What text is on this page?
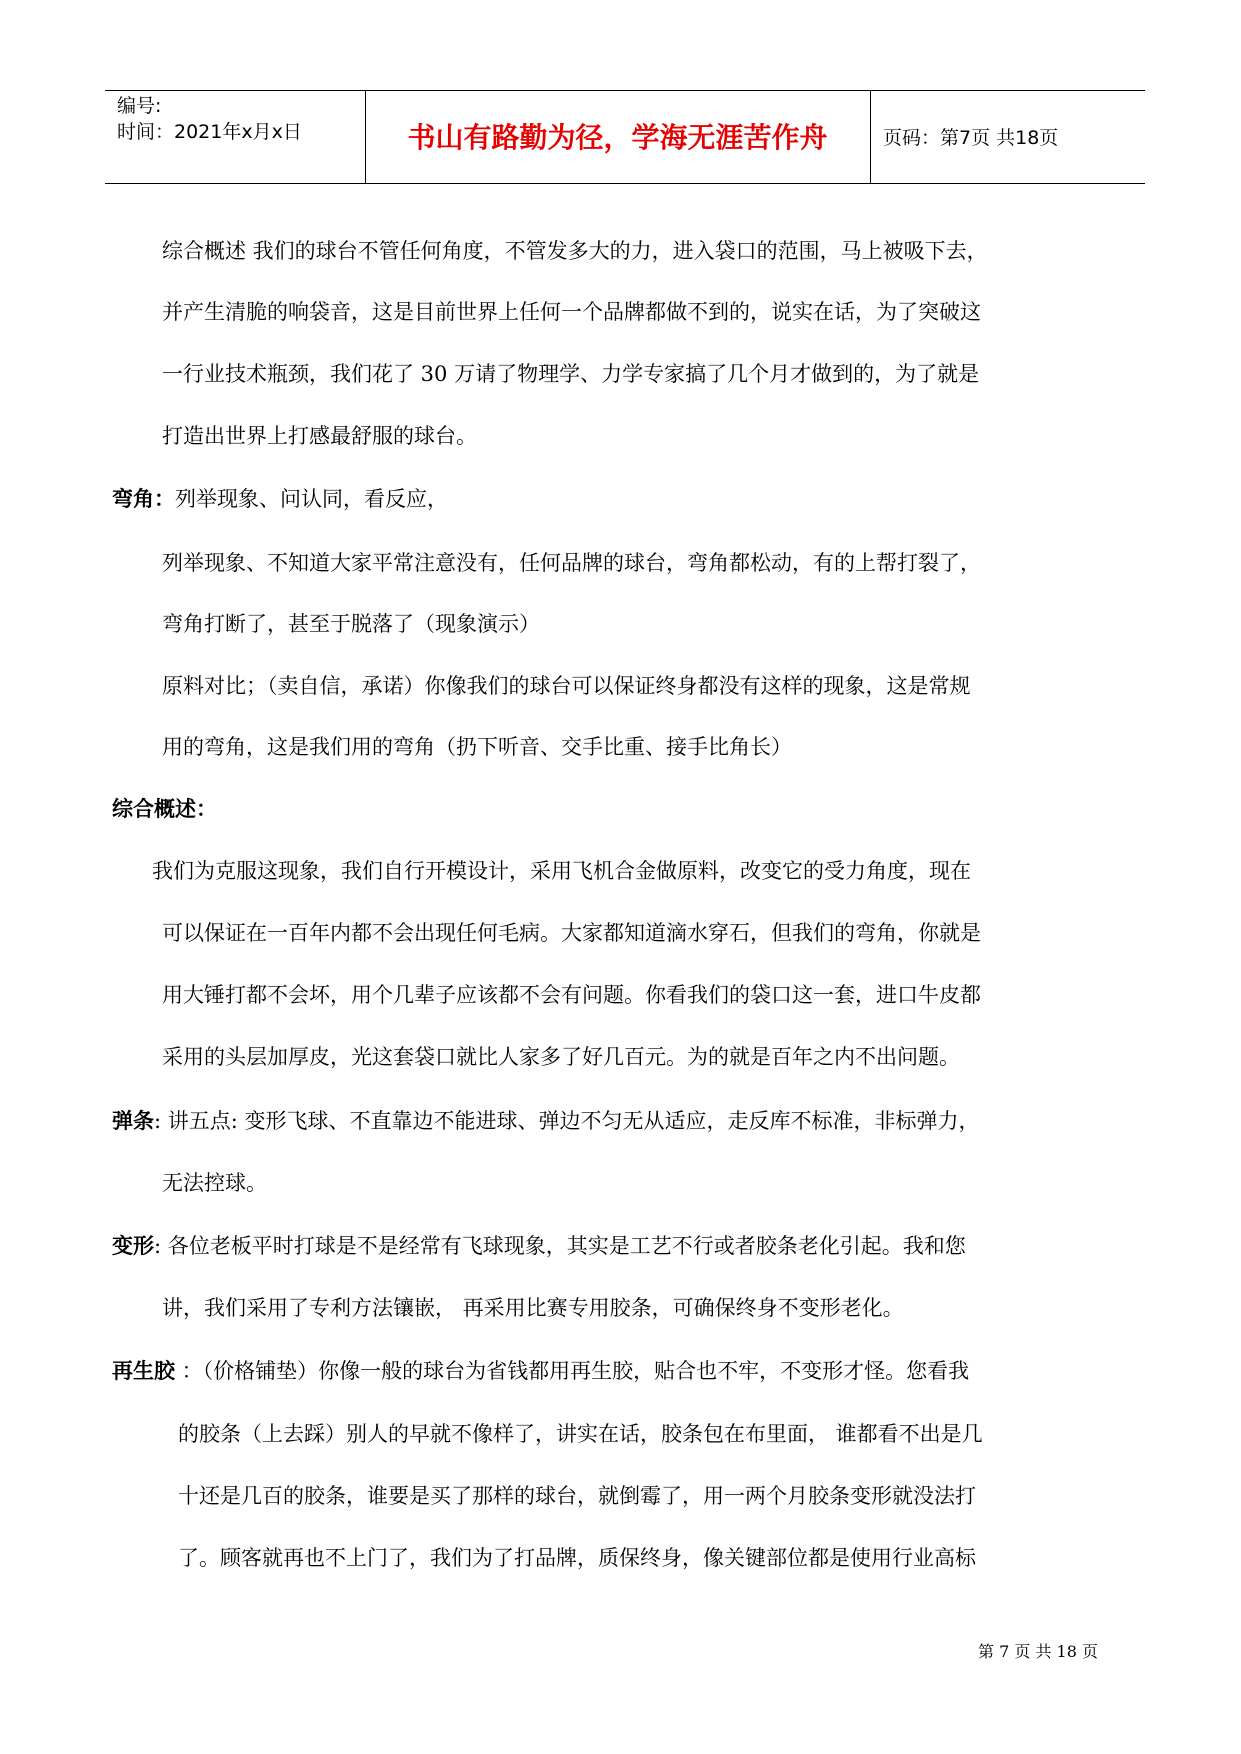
编号:
时间：2021年x月x日	书山有路勤为径，学海无涯苦作舟	页码：第7页 共18页
综合概述 我们的球台不管任何角度，不管发多大的力，进入袋口的范围，马上被吸下去，
并产生清脆的响袋音，这是目前世界上任何一个品牌都做不到的，说实在话，为了突破这
一行业技术瓶颈，我们花了 30 万请了物理学、力学专家搞了几个月才做到的，为了就是
打造出世界上打感最舒服的球台。
弯角：列举现象、问认同，看反应，
列举现象、不知道大家平常注意没有，任何品牌的球台，弯角都松动，有的上帮打裂了，
弯角打断了，甚至于脱落了（现象演示）
原料对比；（卖自信，承诺）你像我们的球台可以保证终身都没有这样的现象，这是常规
用的弯角，这是我们用的弯角（扔下听音、交手比重、接手比角长）
综合概述：
我们为克服这现象，我们自行开模设计，采用飞机合金做原料，改变它的受力角度，现在
可以保证在一百年内都不会出现任何毛病。大家都知道滴水穿石，但我们的弯角，你就是
用大锤打都不会坏，用个几辈子应该都不会有问题。你看我们的袋口这一套，进口牛皮都
采用的头层加厚皮，光这套袋口就比人家多了好几百元。为的就是百年之内不出问题。
弹条: 讲五点: 变形飞球、不直靠边不能进球、弹边不匀无从适应，走反库不标准，非标弹力，
无法控球。
变形: 各位老板平时打球是不是经常有飞球现象，其实是工艺不行或者胶条老化引起。我和您
讲，我们采用了专利方法镶嵌， 再采用比赛专用胶条，可确保终身不变形老化。
再生胶 ：（价格铺垫）你像一般的球台为省钱都用再生胶，贴合也不牢，不变形才怪。您看我
的胶条（上去踩）别人的早就不像样了，讲实在话，胶条包在布里面， 谁都看不出是几
十还是几百的胶条，谁要是买了那样的球台，就倒霉了，用一两个月胶条变形就没法打
了。顾客就再也不上门了，我们为了打品牌，质保终身，像关键部位都是使用行业高标
第 7 页 共 18 页
